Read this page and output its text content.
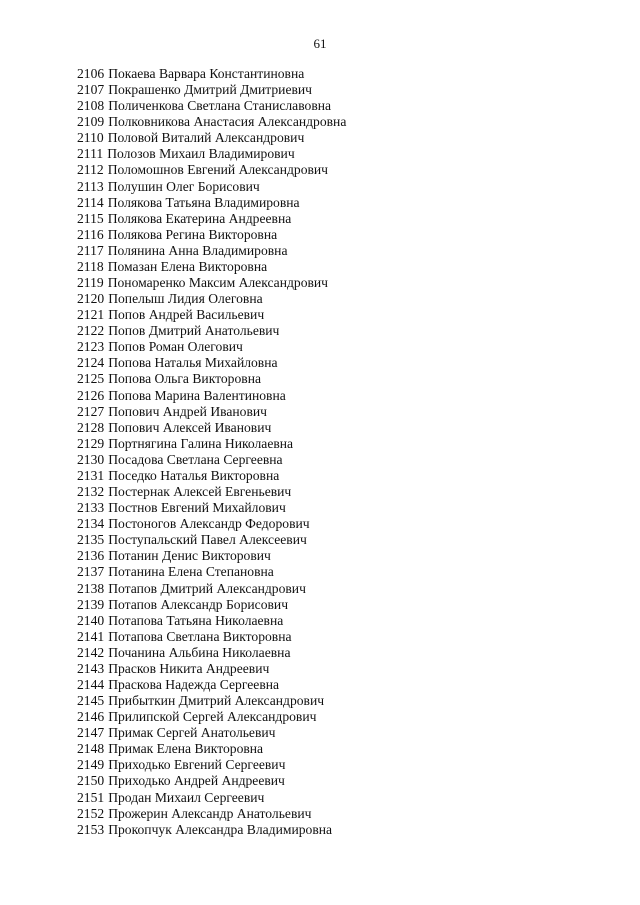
61
2106 Покаева Варвара Константиновна
2107 Покрашенко Дмитрий Дмитриевич
2108 Поличенкова Светлана Станиславовна
2109 Полковникова Анастасия Александровна
2110 Половой Виталий Александрович
2111 Полозов Михаил Владимирович
2112 Поломошнов Евгений Александрович
2113 Полушин Олег Борисович
2114 Полякова Татьяна Владимировна
2115 Полякова Екатерина Андреевна
2116 Полякова Регина Викторовна
2117 Полянина Анна Владимировна
2118 Помазан Елена Викторовна
2119 Пономаренко Максим Александрович
2120 Попелыш Лидия Олеговна
2121 Попов Андрей Васильевич
2122 Попов Дмитрий Анатольевич
2123 Попов Роман Олегович
2124 Попова Наталья Михайловна
2125 Попова Ольга Викторовна
2126 Попова Марина Валентиновна
2127 Попович Андрей Иванович
2128 Попович Алексей Иванович
2129 Портнягина Галина Николаевна
2130 Посадова Светлана Сергеевна
2131 Поседко Наталья Викторовна
2132 Постернак Алексей Евгеньевич
2133 Постнов Евгений Михайлович
2134 Постоногов Александр Федорович
2135 Поступальский Павел Алексеевич
2136 Потанин Денис Викторович
2137 Потанина Елена Степановна
2138 Потапов Дмитрий Александрович
2139 Потапов Александр Борисович
2140 Потапова Татьяна Николаевна
2141 Потапова Светлана Викторовна
2142 Почанина Альбина Николаевна
2143 Прасков Никита Андреевич
2144 Праскова Надежда Сергеевна
2145 Прибыткин Дмитрий Александрович
2146 Прилипской Сергей Александрович
2147 Примак Сергей Анатольевич
2148 Примак Елена Викторовна
2149 Приходько Евгений Сергеевич
2150 Приходько Андрей Андреевич
2151 Продан Михаил Сергеевич
2152 Прожерин Александр Анатольевич
2153 Прокопчук Александра Владимировна
